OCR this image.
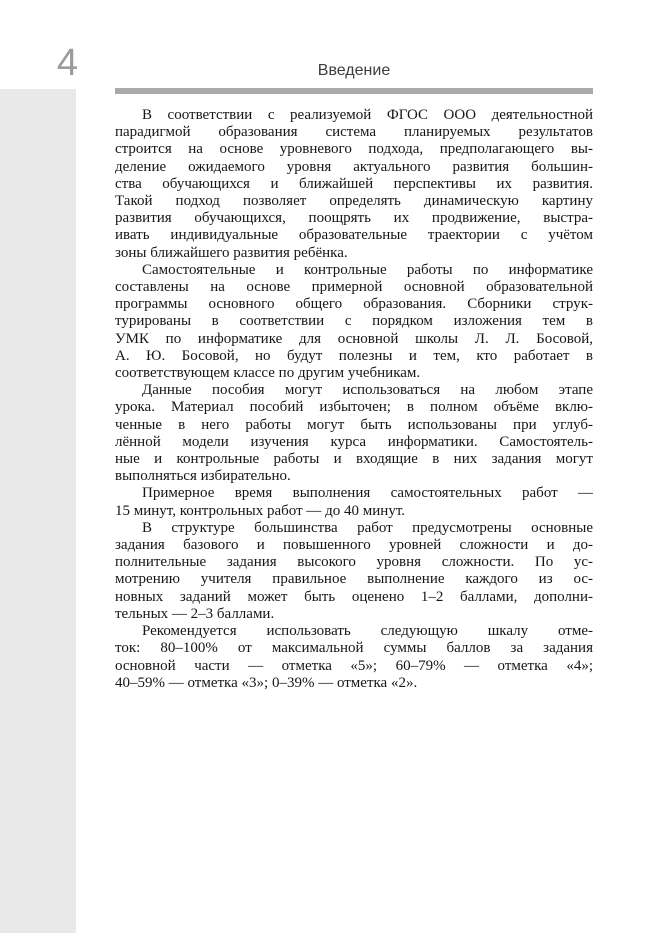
4	Введение
В соответствии с реализуемой ФГОС ООО деятельностной
парадигмой образования система планируемых результатов
строится на основе уровневого подхода, предполагающего вы-
деление ожидаемого уровня актуального развития большин-
ства обучающихся и ближайшей перспективы их развития.
Такой подход позволяет определять динамическую картину
развития обучающихся, поощрять их продвижение, выстра-
ивать индивидуальные образовательные траектории с учётом
зоны ближайшего развития ребёнка.
Самостоятельные и контрольные работы по информатике
составлены на основе примерной основной образовательной
программы основного общего образования. Сборники струк-
турированы в соответствии с порядком изложения тем в
УМК по информатике для основной школы Л. Л. Босовой,
А. Ю. Босовой, но будут полезны и тем, кто работает в
соответствующем классе по другим учебникам.
Данные пособия могут использоваться на любом этапе
урока. Материал пособий избыточен; в полном объёме вклю-
ченные в него работы могут быть использованы при углуб-
лённой модели изучения курса информатики. Самостоятель-
ные и контрольные работы и входящие в них задания могут
выполняться избирательно.
Примерное время выполнения самостоятельных работ —
15 минут, контрольных работ — до 40 минут.
В структуре большинства работ предусмотрены основные
задания базового и повышенного уровней сложности и до-
полнительные задания высокого уровня сложности. По ус-
мотрению учителя правильное выполнение каждого из ос-
новных заданий может быть оценено 1–2 баллами, дополни-
тельных — 2–3 баллами.
Рекомендуется использовать следующую шкалу отме-
ток: 80–100% от максимальной суммы баллов за задания
основной части — отметка «5»; 60–79% — отметка «4»;
40–59% — отметка «3»; 0–39% — отметка «2».
